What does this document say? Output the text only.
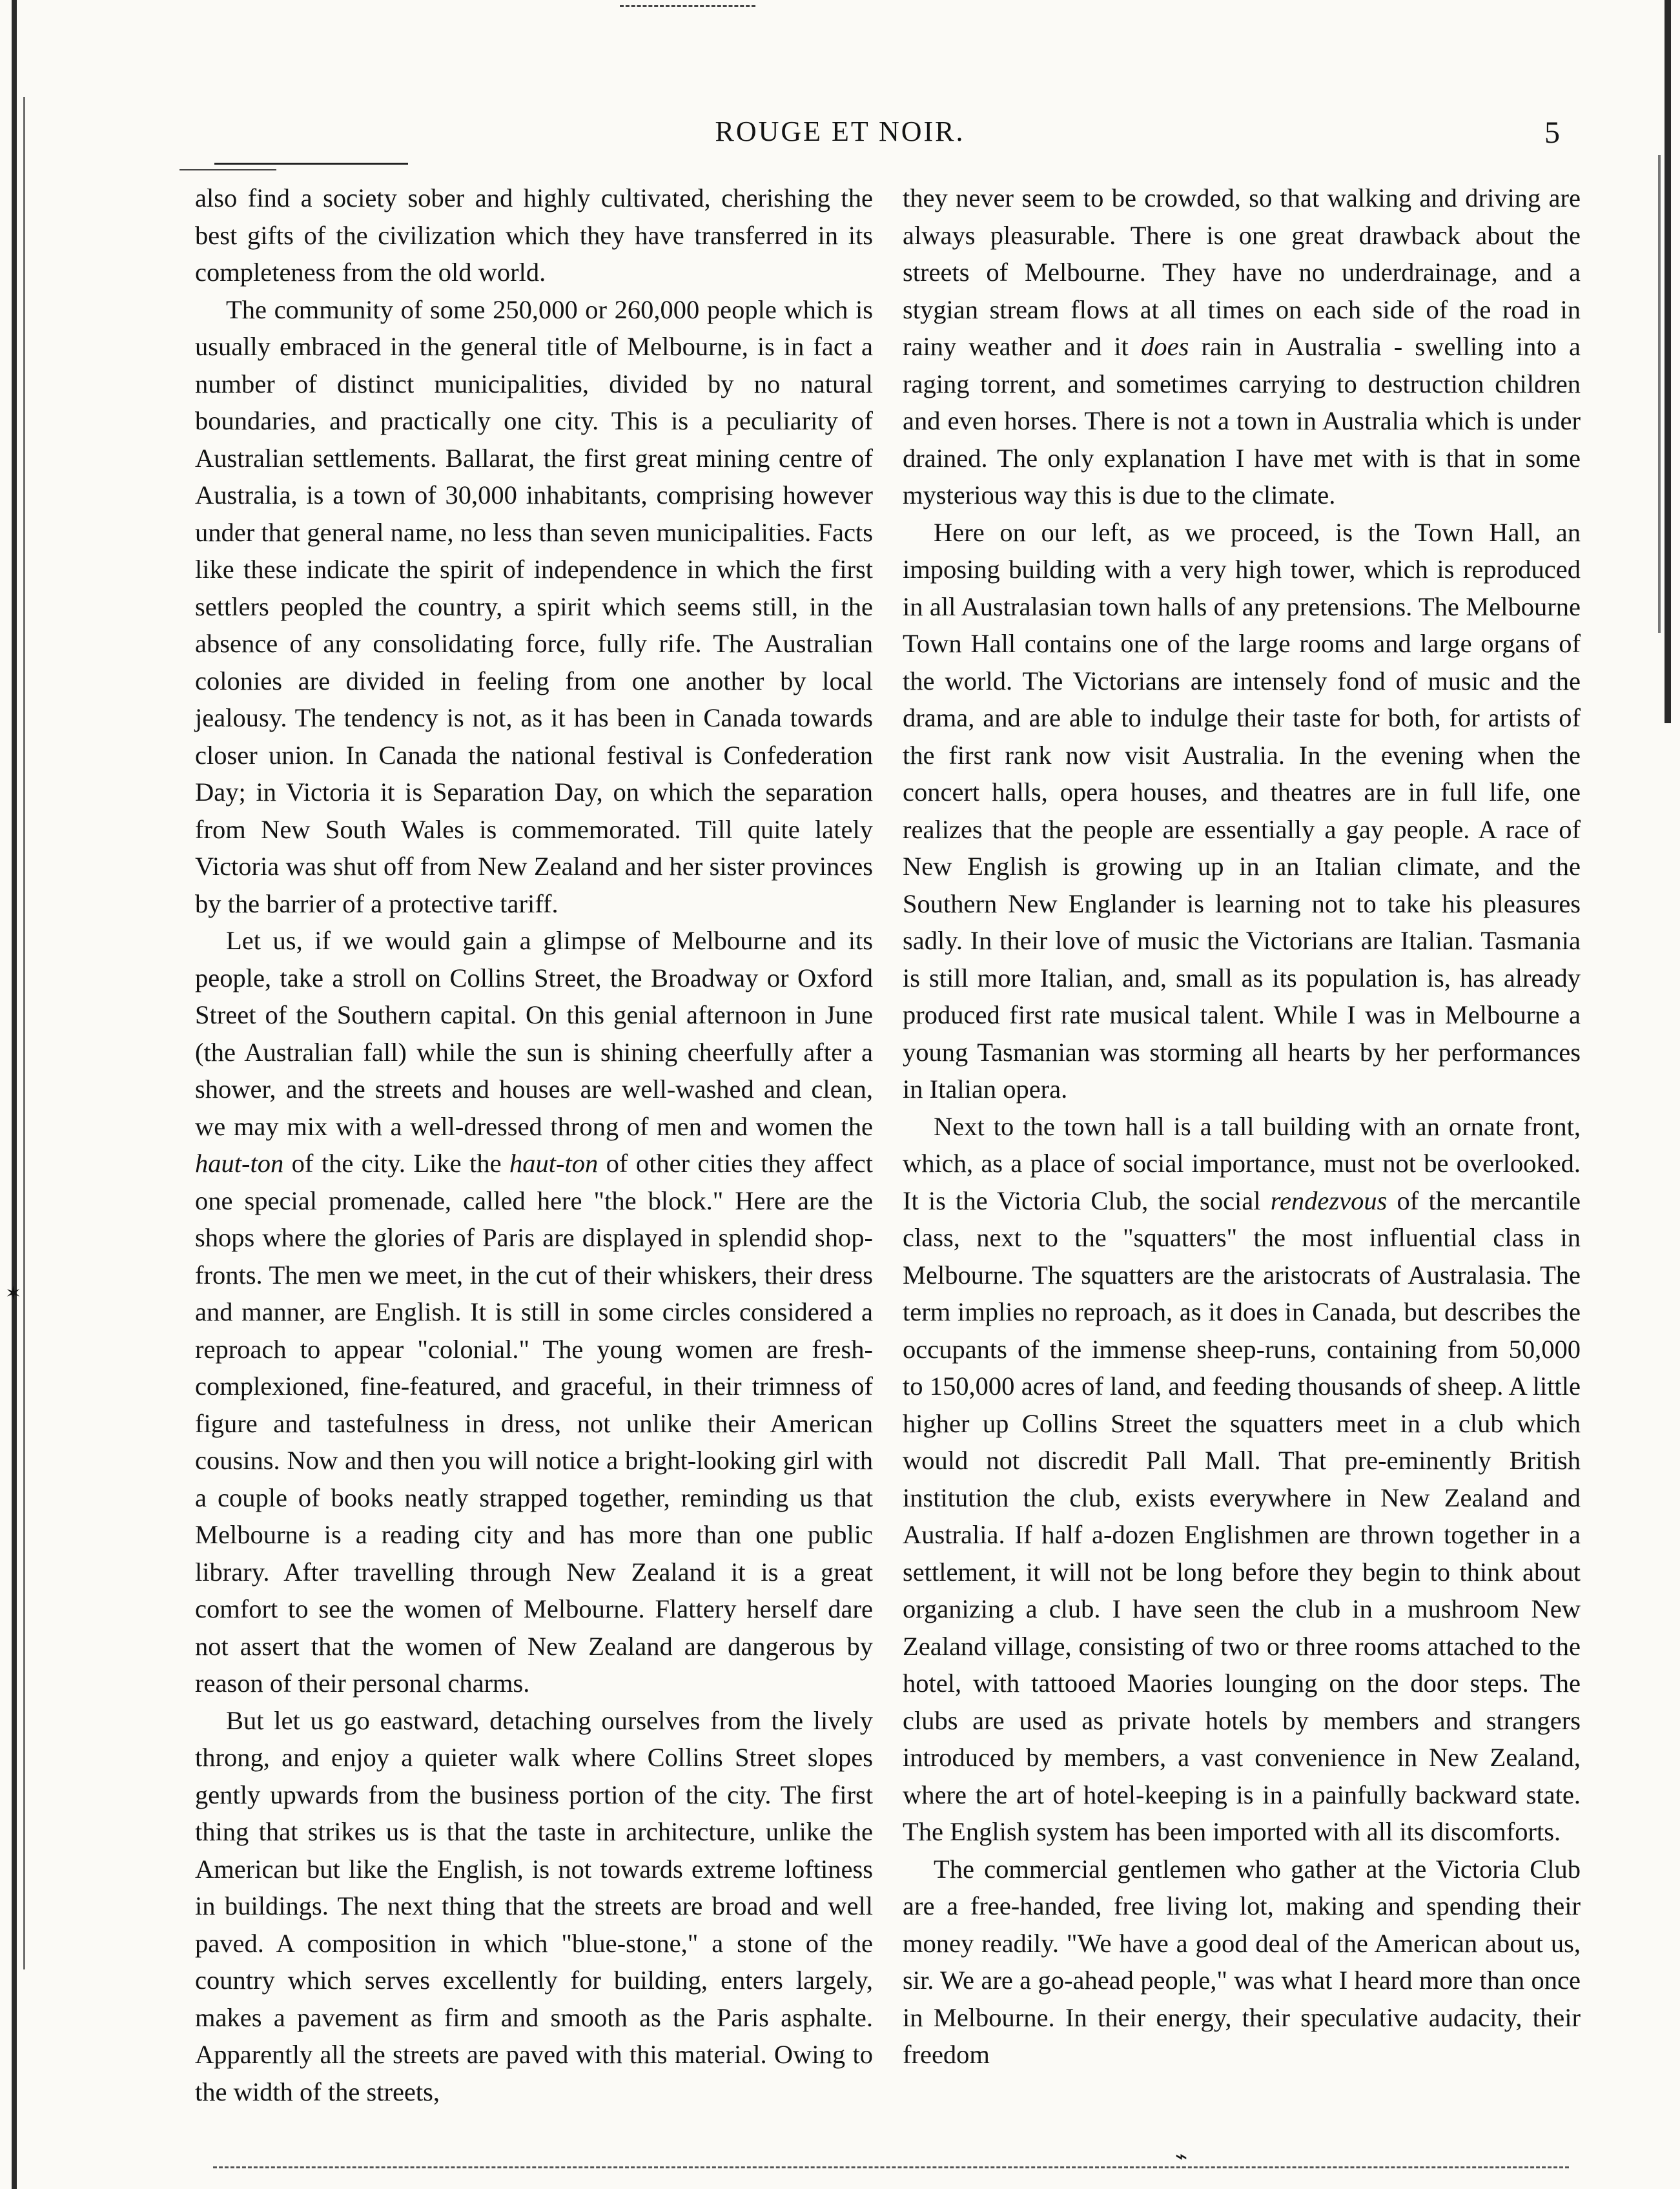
ROUGE ET NOIR.	5

also find a society sober and highly cultivated, cherishing the best gifts of the civilization which they have transferred in its completeness from the old world.

The community of some 250,000 or 260,000 people which is usually embraced in the general title of Melbourne, is in fact a number of distinct municipalities, divided by no natural boundaries, and practically one city. This is a peculiarity of Australian settlements. Ballarat, the first great mining centre of Australia, is a town of 30,000 inhabitants, comprising however under that general name, no less than seven municipalities. Facts like these indicate the spirit of independence in which the first settlers peopled the country, a spirit which seems still, in the absence of any consolidating force, fully rife. The Australian colonies are divided in feeling from one another by local jealousy. The tendency is not, as it has been in Canada towards closer union. In Canada the national festival is Confederation Day; in Victoria it is Separation Day, on which the separation from New South Wales is commemorated. Till quite lately Victoria was shut off from New Zealand and her sister provinces by the barrier of a protective tariff.

Let us, if we would gain a glimpse of Melbourne and its people, take a stroll on Collins Street, the Broadway or Oxford Street of the Southern capital. On this genial afternoon in June (the Australian fall) while the sun is shining cheerfully after a shower, and the streets and houses are well-washed and clean, we may mix with a well-dressed throng of men and women the haut-ton of the city. Like the haut-ton of other cities they affect one special promenade, called here "the block." Here are the shops where the glories of Paris are displayed in splendid shop-fronts. The men we meet, in the cut of their whiskers, their dress and manner, are English. It is still in some circles considered a reproach to appear "colonial." The young women are fresh-complexioned, fine-featured, and graceful, in their trimness of figure and tastefulness in dress, not unlike their American cousins. Now and then you will notice a bright-looking girl with a couple of books neatly strapped together, reminding us that Melbourne is a reading city and has more than one public library. After travelling through New Zealand it is a great comfort to see the women of Melbourne. Flattery herself dare not assert that the women of New Zealand are dangerous by reason of their personal charms.

But let us go eastward, detaching ourselves from the lively throng, and enjoy a quieter walk where Collins Street slopes gently upwards from the business portion of the city. The first thing that strikes us is that the taste in architecture, unlike the American but like the English, is not towards extreme loftiness in buildings. The next thing that the streets are broad and well paved. A composition in which "blue-stone," a stone of the country which serves excellently for building, enters largely, makes a pavement as firm and smooth as the Paris asphalte. Apparently all the streets are paved with this material. Owing to the width of the streets,

they never seem to be crowded, so that walking and driving are always pleasurable. There is one great drawback about the streets of Melbourne. They have no underdrainage, and a stygian stream flows at all times on each side of the road in rainy weather and it does rain in Australia - swelling into a raging torrent, and sometimes carrying to destruction children and even horses. There is not a town in Australia which is under drained. The only explanation I have met with is that in some mysterious way this is due to the climate.

Here on our left, as we proceed, is the Town Hall, an imposing building with a very high tower, which is reproduced in all Australasian town halls of any pretensions. The Melbourne Town Hall contains one of the large rooms and large organs of the world. The Victorians are intensely fond of music and the drama, and are able to indulge their taste for both, for artists of the first rank now visit Australia. In the evening when the concert halls, opera houses, and theatres are in full life, one realizes that the people are essentially a gay people. A race of New English is growing up in an Italian climate, and the Southern New Englander is learning not to take his pleasures sadly. In their love of music the Victorians are Italian. Tasmania is still more Italian, and, small as its population is, has already produced first rate musical talent. While I was in Melbourne a young Tasmanian was storming all hearts by her performances in Italian opera.

Next to the town hall is a tall building with an ornate front, which, as a place of social importance, must not be overlooked. It is the Victoria Club, the social rendezvous of the mercantile class, next to the "squatters" the most influential class in Melbourne. The squatters are the aristocrats of Australasia. The term implies no reproach, as it does in Canada, but describes the occupants of the immense sheep-runs, containing from 50,000 to 150,000 acres of land, and feeding thousands of sheep. A little higher up Collins Street the squatters meet in a club which would not discredit Pall Mall. That pre-eminently British institution the club, exists everywhere in New Zealand and Australia. If half a-dozen Englishmen are thrown together in a settlement, it will not be long before they begin to think about organizing a club. I have seen the club in a mushroom New Zealand village, consisting of two or three rooms attached to the hotel, with tattooed Maories lounging on the door steps. The clubs are used as private hotels by members and strangers introduced by members, a vast convenience in New Zealand, where the art of hotel-keeping is in a painfully backward state. The English system has been imported with all its discomforts.

The commercial gentlemen who gather at the Victoria Club are a free-handed, free living lot, making and spending their money readily. "We have a good deal of the American about us, sir. We are a go-ahead people," was what I heard more than once in Melbourne. In their energy, their speculative audacity, their freedom

✶
⌁
